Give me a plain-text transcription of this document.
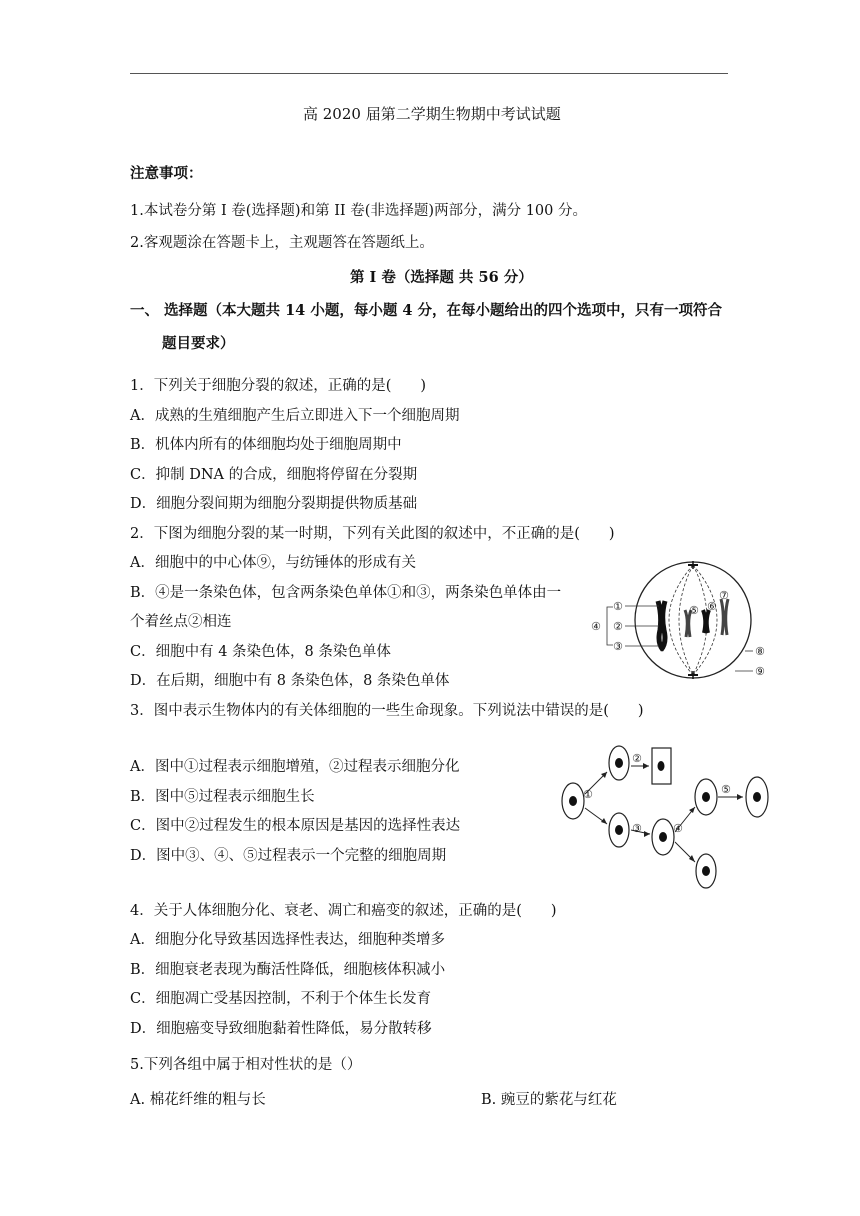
高 2020 届第二学期生物期中考试试题
注意事项：
1.本试卷分第 I 卷(选择题)和第 II 卷(非选择题)两部分，满分 100 分。
2.客观题涂在答题卡上，主观题答在答题纸上。
第 I 卷（选择题 共 56 分）
一、 选择题（本大题共 14 小题，每小题 4 分，在每小题给出的四个选项中，只有一项符合
题目要求）
1．下列关于细胞分裂的叙述，正确的是(　　)
A．成熟的生殖细胞产生后立即进入下一个细胞周期
B．机体内所有的体细胞均处于细胞周期中
C．抑制 DNA 的合成，细胞将停留在分裂期
D．细胞分裂间期为细胞分裂期提供物质基础
2．下图为细胞分裂的某一时期，下列有关此图的叙述中，不正确的是(　　)
A．细胞中的中心体⑨，与纺锤体的形成有关
B．④是一条染色体，包含两条染色单体①和③，两条染色单体由一
个着丝点②相连
C．细胞中有 4 条染色体，8 条染色单体
D．在后期，细胞中有 8 条染色体，8 条染色单体
①
②
③
④
⑤ ⑥
⑦
⑧
⑨
3．图中表示生物体内的有关体细胞的一些生命现象。下列说法中错误的是(　　)
A．图中①过程表示细胞增殖，②过程表示细胞分化
B．图中⑤过程表示细胞生长
C．图中②过程发生的根本原因是基因的选择性表达
D．图中③、④、⑤过程表示一个完整的细胞周期
①
②
③	④
⑤
4．关于人体细胞分化、衰老、凋亡和癌变的叙述，正确的是(　　)
A．细胞分化导致基因选择性表达，细胞种类增多
B．细胞衰老表现为酶活性降低，细胞核体积减小
C．细胞凋亡受基因控制，不利于个体生长发育
D．细胞癌变导致细胞黏着性降低，易分散转移
5.下列各组中属于相对性状的是（）
A. 棉花纤维的粗与长	B. 豌豆的紫花与红花
